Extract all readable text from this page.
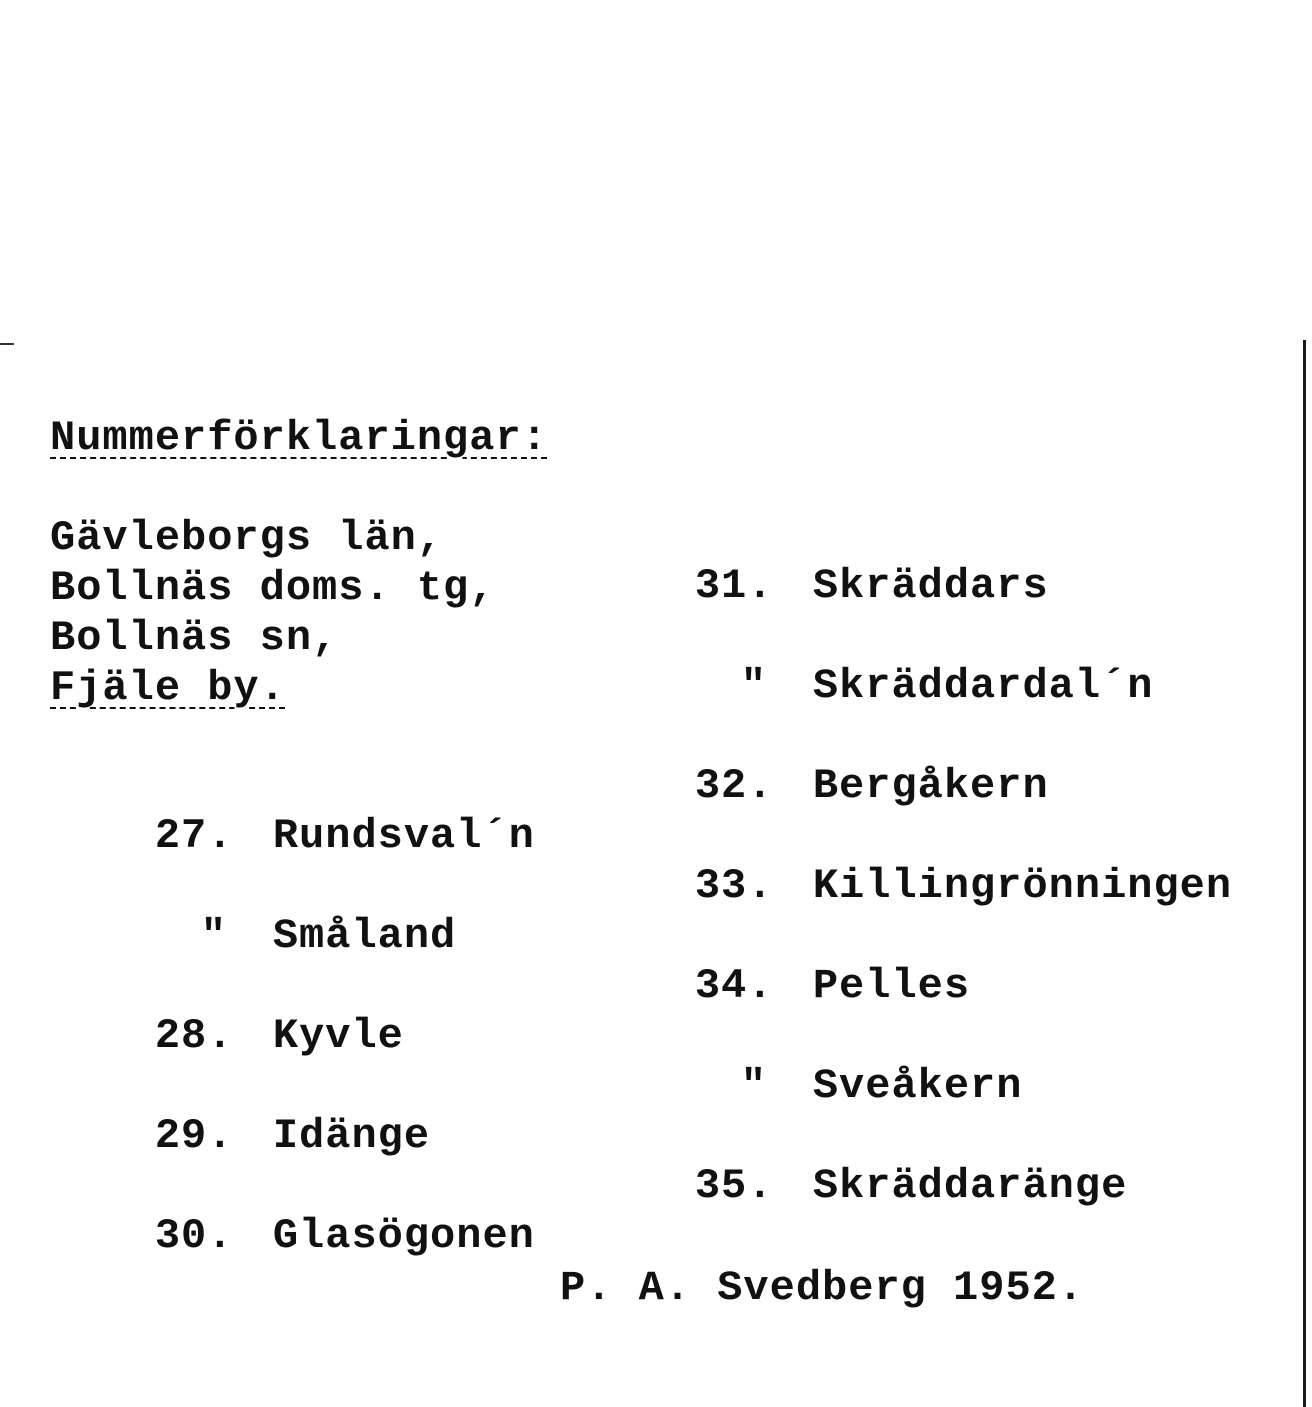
Nummerförklaringar:
Gävleborgs län,
Bollnäs doms. tg,
Bollnäs sn,
Fjäle by.

27. Rundsval´n

" Småland

28. Kyvle

29. Idänge

30. Glasögonen

31. Skräddars

" Skräddardal´n

32. Bergåkern

33. Killingrönningen

34. Pelles

" Sveåkern

35. Skräddaränge

P. A. Svedberg 1952.
